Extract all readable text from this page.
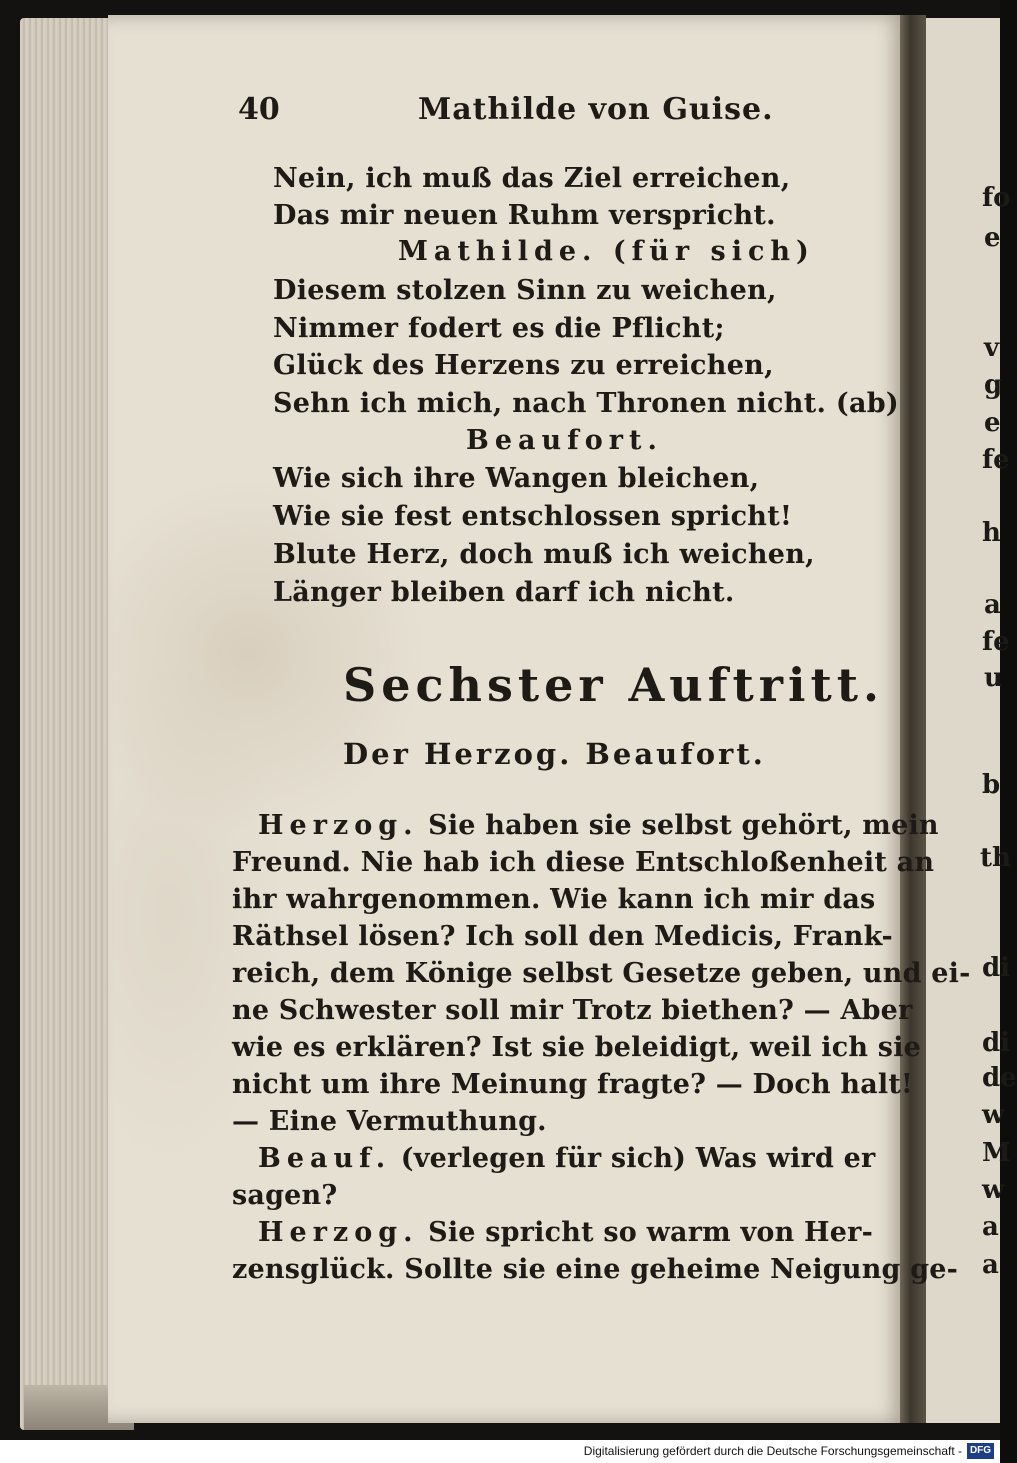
fo
e
v
g
e
fe
h
a
fe
u
b
th
di
di
de
w
M
w
a
a
40	Mathilde von Guise.
Nein, ich muß das Ziel erreichen,
Das mir neuen Ruhm verspricht.
Mathilde. (für sich)
Diesem stolzen Sinn zu weichen,
Nimmer fodert es die Pflicht;
Glück des Herzens zu erreichen,
Sehn ich mich, nach Thronen nicht. (ab)
Beaufort.
Wie sich ihre Wangen bleichen,
Wie sie fest entschlossen spricht!
Blute Herz, doch muß ich weichen,
Länger bleiben darf ich nicht.
Sechster Auftritt.
Der Herzog. Beaufort.
Herzog. Sie haben sie selbst gehört, mein
Freund. Nie hab ich diese Entschloßenheit an
ihr wahrgenommen. Wie kann ich mir das
Räthsel lösen? Ich soll den Medicis, Frank-
reich, dem Könige selbst Gesetze geben, und ei-
ne Schwester soll mir Trotz biethen? — Aber
wie es erklären? Ist sie beleidigt, weil ich sie
nicht um ihre Meinung fragte? — Doch halt!
— Eine Vermuthung.
Beauf. (verlegen für sich) Was wird er
sagen?
Herzog. Sie spricht so warm von Her-
zensglück. Sollte sie eine geheime Neigung ge-
Digitalisierung gefördert durch die Deutsche Forschungsgemeinschaft - DFG
